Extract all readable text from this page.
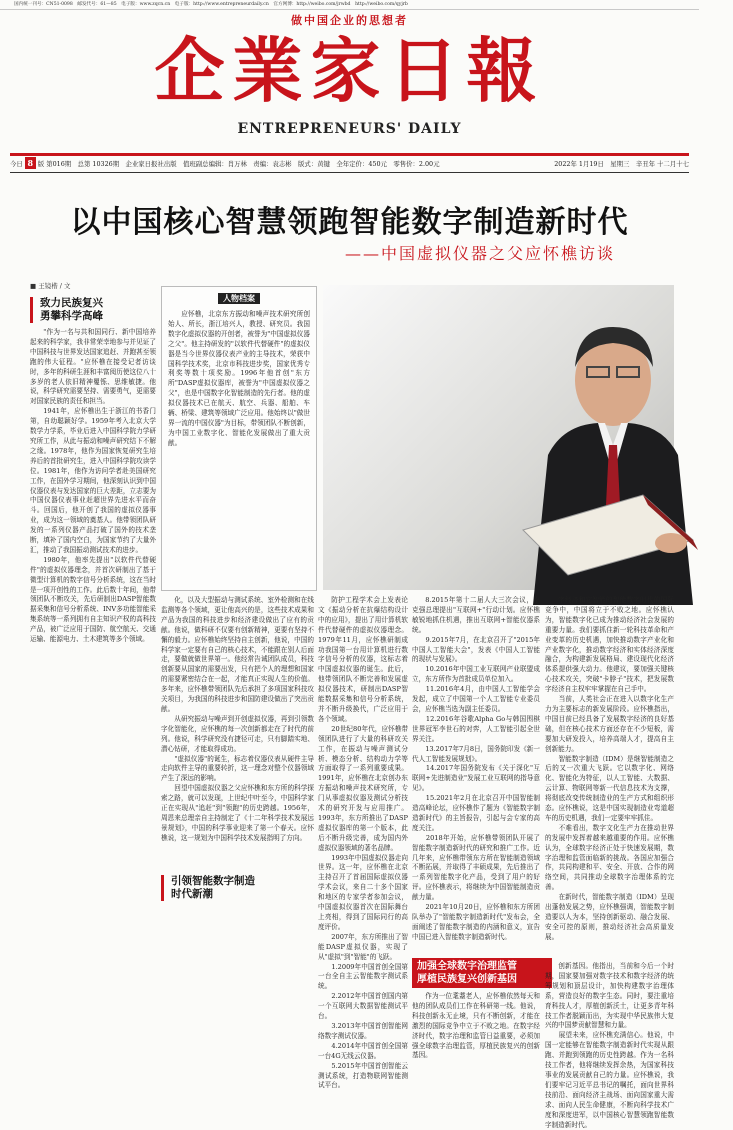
国内统一刊号：CN51-0098　邮发代号：61—85　电子版：www.zqcn.cn　电子版：http://www.entrepreneurdaily.cn　官方网博：http://weibo.com/jrwbd　http://weibo.com/qyjrb
做中国企业的思想者
企業家日報
ENTREPRENEURS' DAILY
今日 8 版 第016期　总第 10326期　企业家日报社出版　值班副总编辑：肖万林　责编：袁志彬　版式：黄键　全年定价：450元　零售价：2.00元	2022年 1月19日　星期三　辛丑年 十二月十七
以中国核心智慧领跑智能数字制造新时代
——中国虚拟仪器之父应怀樵访谈
■ 王镜楷 / 文
致力民族复兴
勇攀科学高峰

"作为一名与共和国同行、新中国培养起来的科学家，我非常荣幸地参与并见证了中国科技与世界发达国家追赶、并跑甚至领跑的伟大征程。"应怀樵在接受记者访谈时，多年的科研生涯和丰富阅历使这位八十多岁的老人依旧精神矍铄、思维敏捷。他说，科学研究需要坚持、需要勇气，更需要对国家民族的责任和担当。

1941年，应怀樵出生于浙江的书香门第，自幼聪颖好学。1959年考入北京大学数学力学系，毕业后进入中国科学院力学研究所工作，从此与振动和噪声研究结下不解之缘。1978年，他作为国家恢复研究生培养后的首批研究生，进入中国科学院攻读学位。1981年，他作为访问学者赴美国研究工作，在国外学习期间，他深刻认识到中国仪器仪表与发达国家的巨大差距，立志要为中国仪器仪表事业赶超世界先进水平而奋斗。回国后，他开创了我国的虚拟仪器事业，成为这一领域的奠基人。他带领团队研发的一系列仪器产品打破了国外的技术垄断，填补了国内空白，为国家节约了大量外汇，推动了我国振动测试技术的进步。

1980年，他率先提出"以软件代替硬件"的虚拟仪器理念，并首次研制出了基于微型计算机的数字信号分析系统，这在当时是一项开创性的工作。此后数十年间，他带领团队不断攻关，先后研制出DASP智能数据采集和信号分析系统、INV多功能智能采集系统等一系列拥有自主知识产权的高科技产品，被广泛应用于国防、航空航天、交通运输、能源电力、土木建筑等多个领域。

人物档案
应怀樵，北京东方振动和噪声技术研究所创始人、所长，浙江培兴人，教授、研究员。我国数字化虚拟仪器的开创者，被誉为"中国虚拟仪器之父"。他主持研发的"以软件代替硬件"的虚拟仪器是当今世界仪器仪表产业的主导技术，荣获中国科学技术奖，北京市科技进步奖，国家优秀专利奖等数十项奖励。1996年他首创"东方所"DASP虚拟仪器库，被誉为"中国虚拟仪器之父"，也是中国数字化智能制造的先行者。他的虚拟仪器技术已在航天、航空、兵器、船舶、车辆、桥梁、建筑等领域广泛应用。他始终以"做世界一流的中国仪器"为目标，带领团队不断创新，为中国工业数字化、智能化发展做出了重大贡献。

化，以及大型振动与测试系统、室外检测和在线监测等各个领域，更让他高兴的是，这些技术成果和产品为我国的科技进步和经济建设做出了应有的贡献。他说，做科研不仅要有创新精神，更要有坚持不懈的毅力。应怀樵始终坚持自主创新，他说，中国的科学家一定要有自己的核心技术，不能跟在别人后面走，要做就做世界第一。他经常告诫团队成员，科技创新要从国家的需要出发，只有把个人的理想和国家的需要紧密结合在一起，才能真正实现人生的价值。多年来，应怀樵带领团队先后承担了多项国家科技攻关项目，为我国的科技进步和国防建设做出了突出贡献。
　　从研究振动与噪声到开创虚拟仪器，再到引领数字化智能化，应怀樵的每一次创新都走在了时代的前列。他说，科学研究没有捷径可走，只有脚踏实地、潜心钻研，才能取得成功。
　　"虚拟仪器"的诞生，标志着仪器仪表从硬件主导走向软件主导的重要转折，这一理念对整个仪器领域产生了深远的影响。
　　回望中国虚拟仪器之父应怀樵和东方所的科学探索之路，就可以发现，上世纪中叶至今，中国科学家正在实现从"追赶"到"领跑"的历史跨越。1956年，周恩来总理亲自主持制定了《十二年科学技术发展远景规划》，中国的科学事业迎来了第一个春天。应怀樵说，这一规划为中国科学技术发展指明了方向。

引领智能数字制造
时代新潮

防护工程学术会上发表论文《振动分析在抗爆结构设计中的应用》，提出了用计算机软件代替硬件的虚拟仪器理念。1979年11月，应怀樵研制成功我国第一台用计算机进行数字信号分析的仪器，这标志着中国虚拟仪器的诞生。此后，他带领团队不断完善和发展虚拟仪器技术，研制出DASP智能数据采集和信号分析系统，并不断升级换代，广泛应用于各个领域。
　　20世纪80年代，应怀樵带领团队进行了大量的科研攻关工作，在振动与噪声测试分析、模态分析、结构动力学等方面取得了一系列重要成果。1991年，应怀樵在北京创办东方振动和噪声技术研究所，专门从事虚拟仪器及测试分析技术的研究开发与应用推广。1993年，东方所推出了DASP虚拟仪器库的第一个版本，此后不断升级完善，成为国内外虚拟仪器领域的著名品牌。
　　1993年中国虚拟仪器走向世界。这一年，应怀樵在北京主持召开了首届国际虚拟仪器学术会议，来自二十多个国家和地区的专家学者参加会议，中国虚拟仪器首次在国际舞台上亮相，得到了国际同行的高度评价。
　　2007年，东方所推出了智能DASP虚拟仪器，实现了从"虚拟"到"智能"的飞跃。
　　1.2009年中国首创全国第一台全自主云智能数字测试系统。
　　2.2012年中国首创国内第一个互联网大数据智能测试平台。
　　3.2013年中国首创智能网络数字测试仪器。
　　4.2014年中国首创全国第一台4G无线云仪器。
　　5.2015年中国首创智能云测试系统，打造物联网智能测试平台。

8.2015年第十二届人大三次会议，李克强总理提出"互联网+"行动计划。应怀樵敏锐地抓住机遇，推出互联网+智能仪器系统。
　　9.2015年7月，在北京召开了"2015年中国人工智能大会"，发表《中国人工智能的现状与发展》。
　　10.2016年中国工业互联网产业联盟成立，东方所作为首批成员单位加入。
　　11.2016年4月，由中国人工智能学会发起，成立了中国第一个人工智能专业委员会，应怀樵当选为副主任委员。
　　12.2016年谷歌Alpha Go与韩国围棋世界冠军李世石的对弈，人工智能引起全世界关注。
　　13.2017年7月8日，国务院印发《新一代人工智能发展规划》。
　　14.2017年国务院发布《关于深化"互联网+先进制造业"发展工业互联网的指导意见》。
　　15.2021年2月在北京召开中国智能制造高峰论坛，应怀樵作了题为《智能数字制造新时代》的主旨报告，引起与会专家的高度关注。
　　2018年开始，应怀樵带领团队开展了智能数字制造新时代的研究和推广工作。近几年来，应怀樵带领东方所在智能制造领域不断拓展，并取得了丰硕成果，先后推出了一系列智能数字化产品，受到了用户的好评。应怀樵表示，将继续为中国智能制造贡献力量。
　　2021年10月20日，应怀樵和东方所团队举办了"智能数字制造新时代"发布会，全面阐述了智能数字制造的内涵和意义，宣告中国已进入智能数字制造新时代。

加强全球数字治理监管
厚植民族复兴创新基因

作为一位耄耋老人，应怀樵依然每天和他的团队成员们工作在科研第一线。他说，科技创新永无止境，只有不断创新，才能在激烈的国际竞争中立于不败之地。在数字经济时代，数字治理和监管日益重要，必须加强全球数字治理监管，厚植民族复兴的创新基因。

字经济和它智能的智能数字时代的国际竞争中，中国将立于不败之地。应怀樵认为，智能数字化已成为推动经济社会发展的重要力量。我们要抓住新一轮科技革命和产业变革的历史机遇，加快推动数字产业化和产业数字化，推动数字经济和实体经济深度融合，为构建新发展格局、建设现代化经济体系提供强大动力。他建议，要加强关键核心技术攻关，突破"卡脖子"技术，把发展数字经济自主权牢牢掌握在自己手中。
　　当前，人类社会正在进入以数字化生产力为主要标志的新发展阶段。应怀樵指出，中国目前已经具备了发展数字经济的良好基础，但在核心技术方面还存在不少短板，需要加大研发投入，培养高端人才，提高自主创新能力。
　　智能数字制造（IDM）是继智能制造之后的又一次重大飞跃。它以数字化、网络化、智能化为特征，以人工智能、大数据、云计算、物联网等新一代信息技术为支撑，将彻底改变传统制造业的生产方式和组织形态。应怀樵说，这是中国实现制造业弯道超车的历史机遇，我们一定要牢牢抓住。
　　不难看出，数字文化生产力在推动世界的发展中发挥着越来越重要的作用。应怀樵认为，全球数字经济正处于快速发展期，数字治理和监管面临新的挑战。各国应加强合作，共同构建和平、安全、开放、合作的网络空间，共同推动全球数字治理体系的完善。
　　在新时代，智能数字制造（IDM）呈现出蓬勃发展之势，应怀樵强调，智能数字制造要以人为本，坚持创新驱动、融合发展、安全可控的原则，推动经济社会高质量发展。

创新基因。他指出，当前和今后一个时期，国家要加强对数字技术和数字经济的统筹规划和顶层设计，加快构建数字治理体系，营造良好的数字生态。同时，要注重培育科技人才，厚植创新沃土，让更多青年科技工作者脱颖而出，为实现中华民族伟大复兴的中国梦贡献智慧和力量。
　　展望未来，应怀樵充满信心。他说，中国一定能够在智能数字制造新时代实现从跟跑、并跑到领跑的历史性跨越。作为一名科技工作者，他将继续发挥余热，为国家科技事业的发展贡献自己的力量。应怀樵说，我们要牢记习近平总书记的嘱托，面向世界科技前沿、面向经济主战场、面向国家重大需求、面向人民生命健康，不断向科学技术广度和深度进军，以中国核心智慧领跑智能数字制造新时代。
